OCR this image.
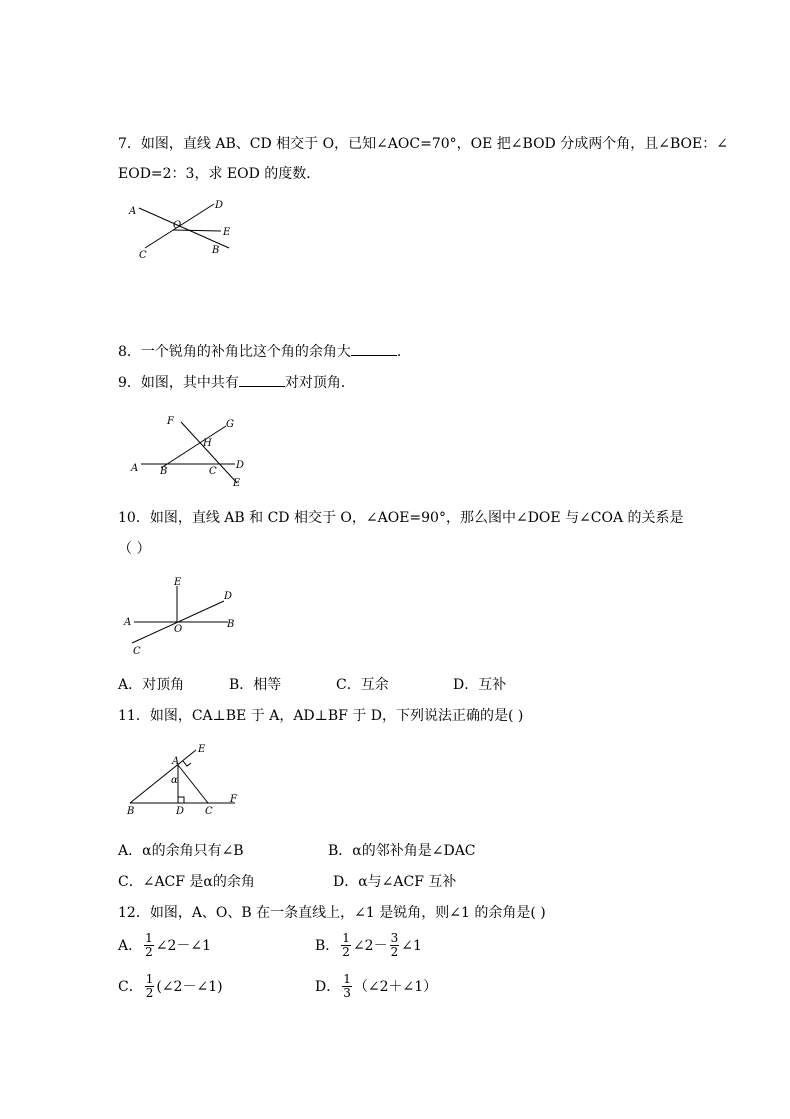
7．如图，直线 AB、CD 相交于 O，已知∠AOC=70°，OE 把∠BOD 分成两个角，且∠BOE：∠
EOD=2：3，求 EOD 的度数．
A
O
D
E
C	B
8．一个锐角的补角比这个角的余角大	．
9．如图，其中共有	对对顶角．
F	G
H
A B	C
D
E
10．如图，直线 AB 和 CD 相交于 O，∠AOE=90°，那么图中∠DOE 与∠COA 的关系是
（ ）
E
D
A
O	B
C
A．对顶角	B．相等	C．互余	D．互补
11．如图，CA⊥BE 于 A，AD⊥BF 于 D，下列说法正确的是( )
A
E
α
B	D C
F
A．α的余角只有∠B	B．α的邻补角是∠DAC
C．∠ACF 是α的余角	D．α与∠ACF 互补
12．如图，A、O、B 在一条直线上，∠1 是锐角，则∠1 的余角是( )
A． $\frac{1}{2}$ ∠2－∠1	B． $\frac{1}{2}$ ∠2－ $\frac{3}{2}$ ∠1
C． $\frac{1}{2}$ (∠2－∠1)	D． $\frac{1}{3}$ （∠2＋∠1）
